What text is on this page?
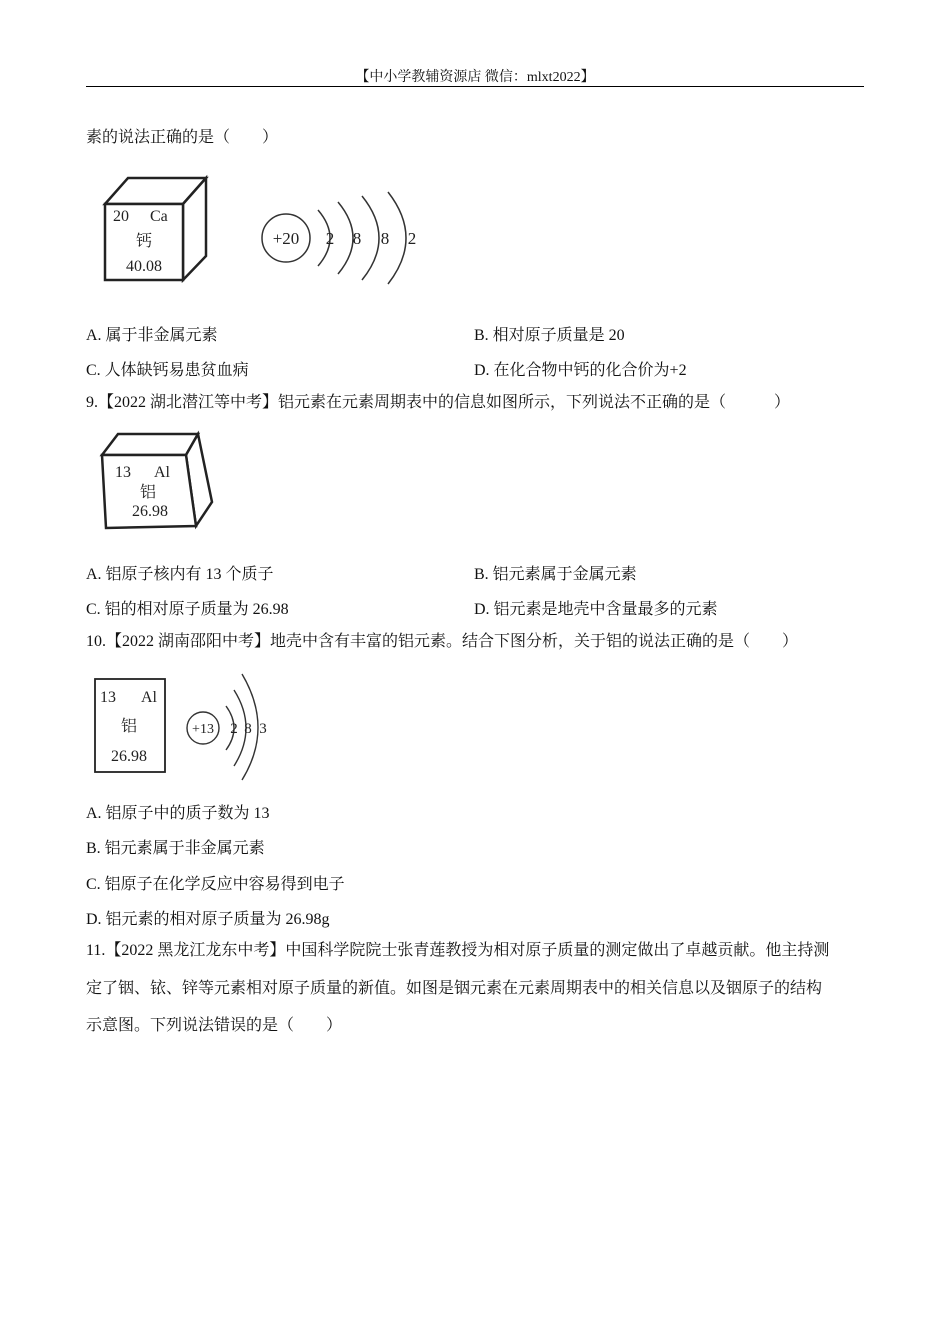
【中小学教辅资源店 微信：mlxt2022】
素的说法正确的是（　　）
20 Ca
钙
40.08
+20 2 8 8 2
A. 属于非金属元素	B. 相对原子质量是 20
C. 人体缺钙易患贫血病	D. 在化合物中钙的化合价为+2
9.【2022 湖北潜江等中考】铝元素在元素周期表中的信息如图所示，下列说法不正确的是（　　　）
13 Al
铝
26.98
A. 铝原子核内有 13 个质子	B. 铝元素属于金属元素
C. 铝的相对原子质量为 26.98	D. 铝元素是地壳中含量最多的元素
10.【2022 湖南邵阳中考】地壳中含有丰富的铝元素。结合下图分析，关于铝的说法正确的是（　　）
13 Al
铝
26.98
+13 2 8 3
A. 铝原子中的质子数为 13
B. 铝元素属于非金属元素
C. 铝原子在化学反应中容易得到电子
D. 铝元素的相对原子质量为 26.98g
11.【2022 黑龙江龙东中考】中国科学院院士张青莲教授为相对原子质量的测定做出了卓越贡献。他主持测
定了铟、铱、锌等元素相对原子质量的新值。如图是铟元素在元素周期表中的相关信息以及铟原子的结构
示意图。下列说法错误的是（　　）
